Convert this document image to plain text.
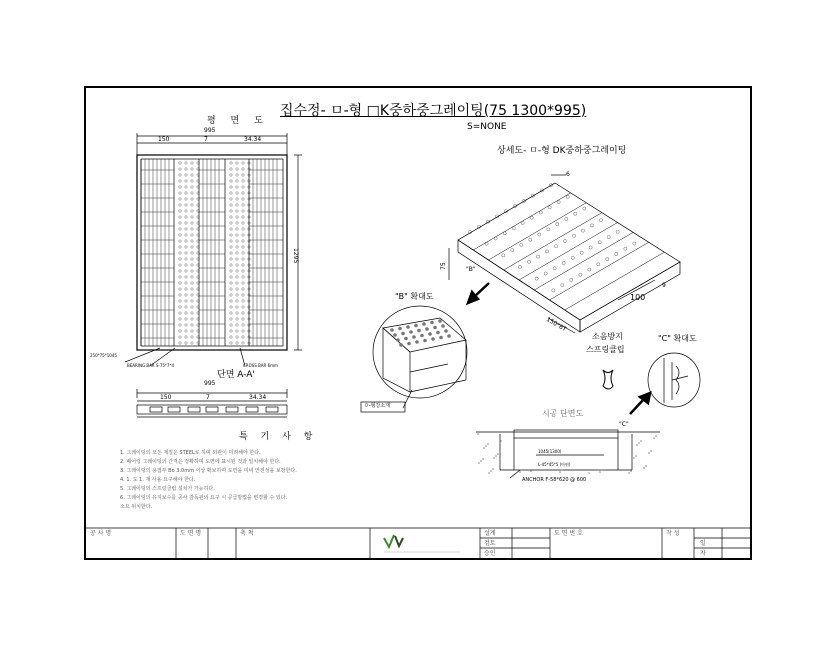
집수정- ㅁ-형 □K중하중그레이팅(75 1300*995)
S=NONE
평 면 도
995
150	7	34.34
1295
250*75*1045
BEARING BAR S-75*7*4	CROSS BAR 6mm
상세도- ㅁ-형 DK중하중그레이팅
6
75	"B"
100
9
150*6T
"B" 확대도
ㅁ-형강소재
소음방지
스프링클립
"C" 확대도
단면 A-A'
995
150	7	34.34
시공 단면도
"C"
1045(1300)
L-45*45*5 (아연)
ANCHOR F-58*620 @ 600
특 기 사 항
1. 그레이팅의 모든 재질은 STEEL로 하며 외관이 미려해야 한다.
2. 베어링 그레이팅의 간격은 정확하며 도면에 표시된 것과 일치해야 한다.
3. 그레이팅의 용접부 Bo 3.0mm 이상 확보하며 도면을 미비 안전성을 보장한다.
4. 1. 도 1. 재 사용 요구해야 한다.
5. 그레이팅의 스프링클립 설치가 가능하다.
6. 그레이팅의 유지보수를 공사 감독관의 요구 시 공급방법을 변경할 수 있다.
소요 위치한다.
공 사 명	도 면 명	축 척	설계
검토
승인
도 면 번 호	작 성
일
자
